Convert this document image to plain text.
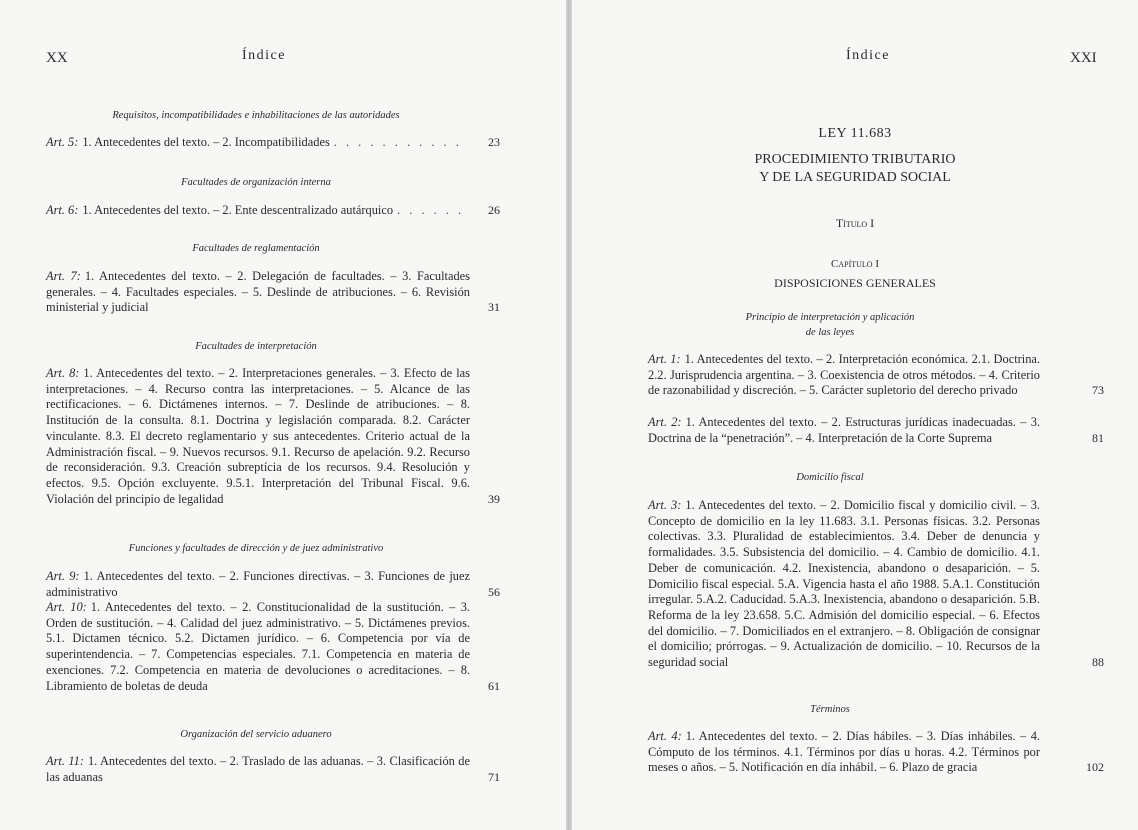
XX	Índice
Requisitos, incompatibilidades e inhabilitaciones de las autoridades
Art. 5: 1. Antecedentes del texto. – 2. Incompatibilidades . . .	23
Facultades de organización interna
Art. 6: 1. Antecedentes del texto. – 2. Ente descentralizado autárquico . . .	26
Facultades de reglamentación
Art. 7: 1. Antecedentes del texto. – 2. Delegación de facultades. – 3. Facultades generales. – 4. Facultades especiales. – 5. Deslinde de atribuciones. – 6. Revisión ministerial y judicial	31
Facultades de interpretación
Art. 8: 1. Antecedentes del texto. – 2. Interpretaciones generales. – 3. Efecto de las interpretaciones. – 4. Recurso contra las interpretaciones. – 5. Alcance de las rectificaciones. – 6. Dictámenes internos. – 7. Deslinde de atribuciones. – 8. Institución de la consulta. 8.1. Doctrina y legislación comparada. 8.2. Carácter vinculante. 8.3. El decreto reglamentario y sus antecedentes. Criterio actual de la Administración fiscal. – 9. Nuevos recursos. 9.1. Recurso de apelación. 9.2. Recurso de reconsideración. 9.3. Creación subreptícia de los recursos. 9.4. Resolución y efectos. 9.5. Opción excluyente. 9.5.1. Interpretación del Tribunal Fiscal. 9.6. Violación del principio de legalidad	39
Funciones y facultades de dirección y de juez administrativo
Art. 9: 1. Antecedentes del texto. – 2. Funciones directivas. – 3. Funciones de juez administrativo	56
Art. 10: 1. Antecedentes del texto. – 2. Constitucionalidad de la sustitución. – 3. Orden de sustitución. – 4. Calidad del juez administrativo. – 5. Dictámenes previos. 5.1. Dictamen técnico. 5.2. Dictamen jurídico. – 6. Competencia por vía de superintendencia. – 7. Competencias especiales. 7.1. Competencia en materia de exenciones. 7.2. Competencia en materia de devoluciones o acreditaciones. – 8. Libramiento de boletas de deuda	61
Organización del servicio aduanero
Art. 11: 1. Antecedentes del texto. – 2. Traslado de las aduanas. – 3. Clasificación de las aduanas	71
Índice	XXI
LEY 11.683
PROCEDIMIENTO TRIBUTARIO
Y DE LA SEGURIDAD SOCIAL
Título I
Capítulo I
DISPOSICIONES GENERALES
Principio de interpretación y aplicación
de las leyes
Art. 1: 1. Antecedentes del texto. – 2. Interpretación económica. 2.1. Doctrina. 2.2. Jurisprudencia argentina. – 3. Coexistencia de otros métodos. – 4. Criterio de razonabilidad y discreción. – 5. Carácter supletorio del derecho privado	73
Art. 2: 1. Antecedentes del texto. – 2. Estructuras jurídicas inadecuadas. – 3. Doctrina de la “penetración”. – 4. Interpretación de la Corte Suprema	81
Domicilio fiscal
Art. 3: 1. Antecedentes del texto. – 2. Domicilio fiscal y domicilio civil. – 3. Concepto de domicilio en la ley 11.683. 3.1. Personas físicas. 3.2. Personas colectivas. 3.3. Pluralidad de establecimientos. 3.4. Deber de denuncia y formalidades. 3.5. Subsistencia del domicilio. – 4. Cambio de domicilio. 4.1. Deber de comunicación. 4.2. Inexistencia, abandono o desaparición. – 5. Domicilio fiscal especial. 5.A. Vigencia hasta el año 1988. 5.A.1. Constitución irregular. 5.A.2. Caducidad. 5.A.3. Inexistencia, abandono o desaparición. 5.B. Reforma de la ley 23.658. 5.C. Admisión del domicilio especial. – 6. Efectos del domicilio. – 7. Domiciliados en el extranjero. – 8. Obligación de consignar el domicilio; prórrogas. – 9. Actualización de domicilio. – 10. Recursos de la seguridad social	88
Términos
Art. 4: 1. Antecedentes del texto. – 2. Días hábiles. – 3. Días inhábiles. – 4. Cómputo de los términos. 4.1. Términos por días u horas. 4.2. Términos por meses o años. – 5. Notificación en día inhábil. – 6. Plazo de gracia	102
